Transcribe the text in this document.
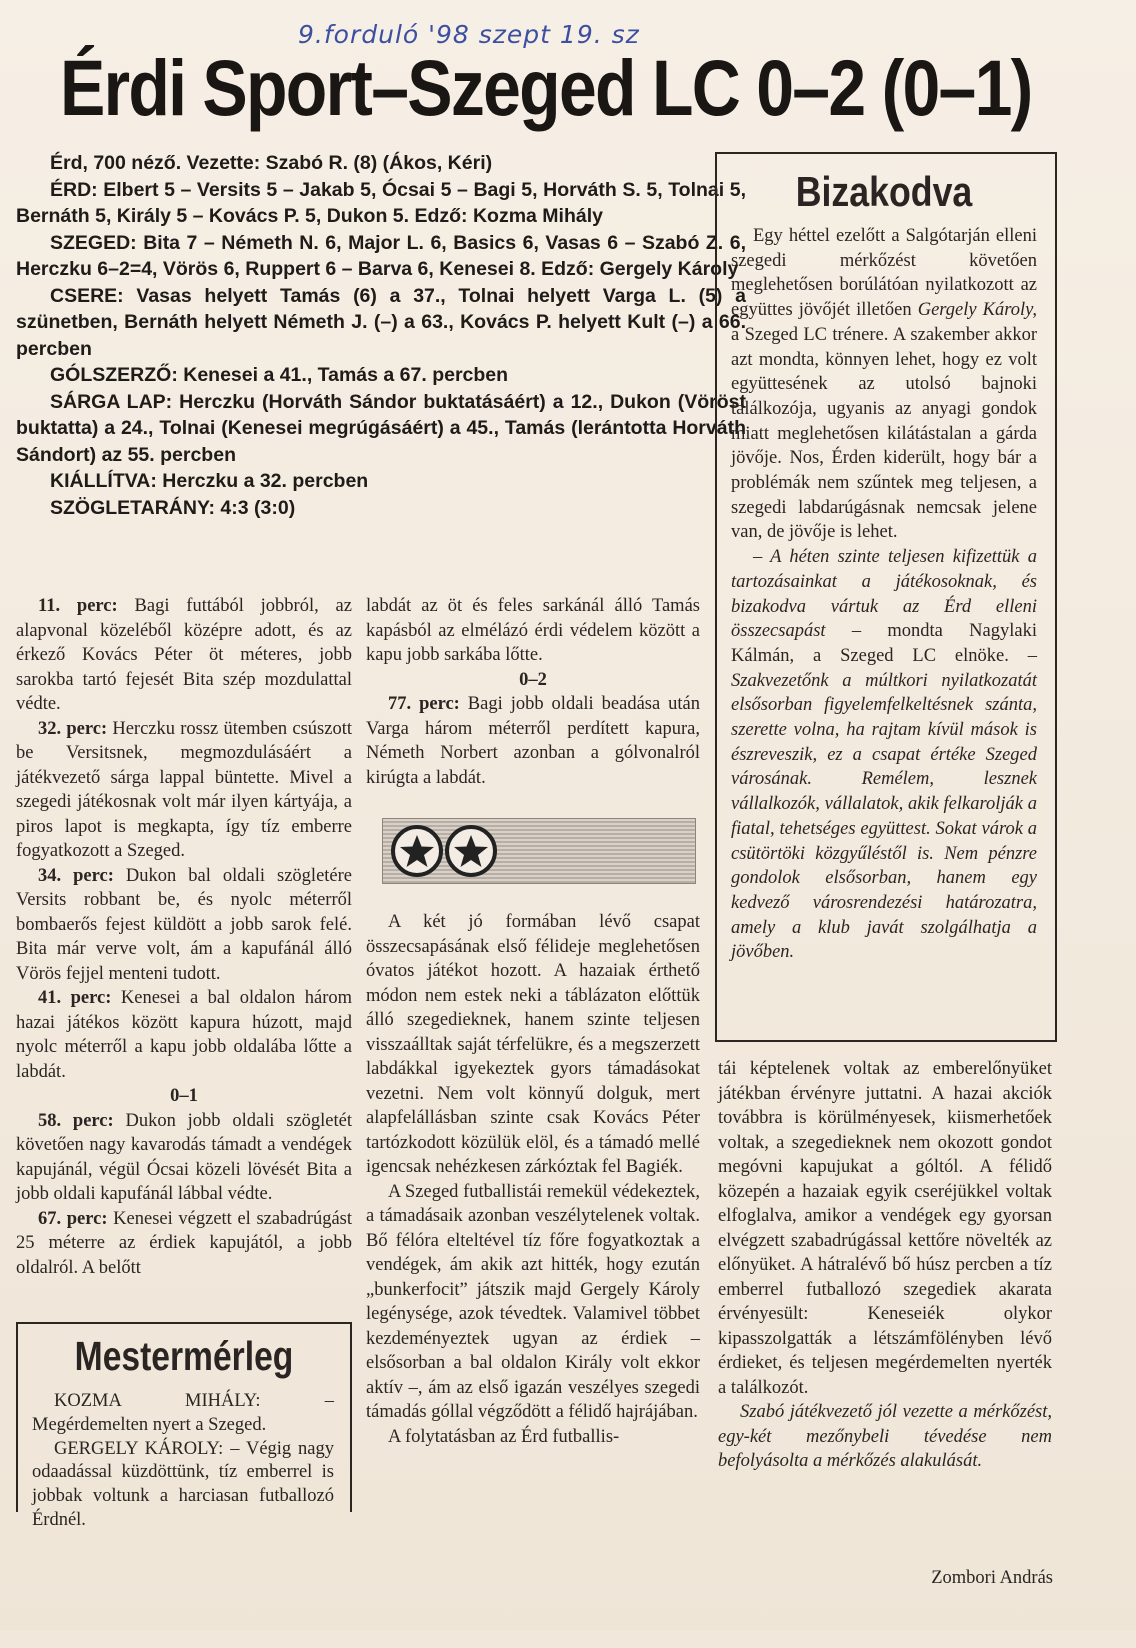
9.forduló '98 szept 19. sz
Érdi Sport–Szeged LC 0–2 (0–1)

Érd, 700 néző. Vezette: Szabó R. (8) (Ákos, Kéri)

ÉRD: Elbert 5 – Versits 5 – Jakab 5, Ócsai 5 – Bagi 5, Horváth S. 5, Tolnai 5, Bernáth 5, Király 5 – Kovács P. 5, Dukon 5. Edző: Kozma Mihály

SZEGED: Bita 7 – Németh N. 6, Major L. 6, Basics 6, Vasas 6 – Szabó Z. 6, Herczku 6–2=4, Vörös 6, Ruppert 6 – Barva 6, Kenesei 8. Edző: Gergely Károly

CSERE: Vasas helyett Tamás (6) a 37., Tolnai helyett Varga L. (5) a szünetben, Bernáth helyett Németh J. (–) a 63., Kovács P. helyett Kult (–) a 66. percben

GÓLSZERZŐ: Kenesei a 41., Tamás a 67. percben

SÁRGA LAP: Herczku (Horváth Sándor buktatásáért) a 12., Dukon (Vöröst buktatta) a 24., Tolnai (Kenesei megrúgásáért) a 45., Tamás (lerántotta Horváth Sándort) az 55. percben

KIÁLLÍTVA: Herczku a 32. percben

SZÖGLETARÁNY: 4:3 (3:0)

11. perc: Bagi futtából jobbról, az alapvonal közeléből középre adott, és az érkező Kovács Péter öt méteres, jobb sarokba tartó fejesét Bita szép mozdulattal védte.

32. perc: Herczku rossz ütemben csúszott be Versitsnek, megmozdulásáért a játékvezető sárga lappal büntette. Mivel a szegedi játékosnak volt már ilyen kártyája, a piros lapot is megkapta, így tíz emberre fogyatkozott a Szeged.

34. perc: Dukon bal oldali szögletére Versits robbant be, és nyolc méterről bombaerős fejest küldött a jobb sarok felé. Bita már verve volt, ám a kapufánál álló Vörös fejjel menteni tudott.

41. perc: Kenesei a bal oldalon három hazai játékos között kapura húzott, majd nyolc méterről a kapu jobb oldalába lőtte a labdát.

0–1

58. perc: Dukon jobb oldali szögletét követően nagy kavarodás támadt a vendégek kapujánál, végül Ócsai közeli lövését Bita a jobb oldali kapufánál lábbal védte.

67. perc: Kenesei végzett el szabadrúgást 25 méterre az érdiek kapujától, a jobb oldalról. A belőtt

labdát az öt és feles sarkánál álló Tamás kapásból az elmélázó érdi védelem között a kapu jobb sarkába lőtte.

0–2

77. perc: Bagi jobb oldali beadása után Varga három méterről perdített kapura, Németh Norbert azonban a gólvonalról kirúgta a labdát.

A két jó formában lévő csapat összecsapásának első félideje meglehetősen óvatos játékot hozott. A hazaiak érthető módon nem estek neki a táblázaton előttük álló szegedieknek, hanem szinte teljesen visszaálltak saját térfelükre, és a megszerzett labdákkal igyekeztek gyors támadásokat vezetni. Nem volt könnyű dolguk, mert alapfelállásban szinte csak Kovács Péter tartózkodott közülük elöl, és a támadó mellé igencsak nehézkesen zárkóztak fel Bagiék.

A Szeged futballistái remekül védekeztek, a támadásaik azonban veszélytelenek voltak. Bő félóra elteltével tíz főre fogyatkoztak a vendégek, ám akik azt hitték, hogy ezután „bunkerfocit” játszik majd Gergely Károly legénysége, azok tévedtek. Valamivel többet kezdeményeztek ugyan az érdiek – elsősorban a bal oldalon Király volt ekkor aktív –, ám az első igazán veszélyes szegedi támadás góllal végződött a félidő hajrájában.

A folytatásban az Érd futballis-

Bizakodva

Egy héttel ezelőtt a Salgótarján elleni szegedi mérkőzést követően meglehetősen borúlátóan nyilatkozott az együttes jövőjét illetően Gergely Károly, a Szeged LC trénere. A szakember akkor azt mondta, könnyen lehet, hogy ez volt együttesének az utolsó bajnoki találkozója, ugyanis az anyagi gondok miatt meglehetősen kilátástalan a gárda jövője. Nos, Érden kiderült, hogy bár a problémák nem szűntek meg teljesen, a szegedi labdarúgásnak nemcsak jelene van, de jövője is lehet.

– A héten szinte teljesen kifizettük a tartozásainkat a játékosoknak, és bizakodva vártuk az Érd elleni összecsapást – mondta Nagylaki Kálmán, a Szeged LC elnöke. – Szakvezetőnk a múltkori nyilatkozatát elsősorban figyelemfelkeltésnek szánta, szerette volna, ha rajtam kívül mások is észreveszik, ez a csapat értéke Szeged városának. Remélem, lesznek vállalkozók, vállalatok, akik felkarolják a fiatal, tehetséges együttest. Sokat várok a csütörtöki közgyűléstől is. Nem pénzre gondolok elsősorban, hanem egy kedvező városrendezési határozatra, amely a klub javát szolgálhatja a jövőben.

tái képtelenek voltak az emberelőnyüket játékban érvényre juttatni. A hazai akciók továbbra is körülményesek, kiismerhetőek voltak, a szegedieknek nem okozott gondot megóvni kapujukat a góltól. A félidő közepén a hazaiak egyik cseréjükkel voltak elfoglalva, amikor a vendégek egy gyorsan elvégzett szabadrúgással kettőre növelték az előnyüket. A hátralévő bő húsz percben a tíz emberrel futballozó szegediek akarata érvényesült: Keneseiék olykor kipasszolgatták a létszámfölényben lévő érdieket, és teljesen megérdemelten nyerték a találkozót.

Szabó játékvezető jól vezette a mérkőzést, egy-két mezőnybeli tévedése nem befolyásolta a mérkőzés alakulását.

Zombori András
Mestermérleg

KOZMA MIHÁLY: – Megérdemelten nyert a Szeged.

GERGELY KÁROLY: – Végig nagy odaadással küzdöttünk, tíz emberrel is jobbak voltunk a harciasan futballozó Érdnél.
